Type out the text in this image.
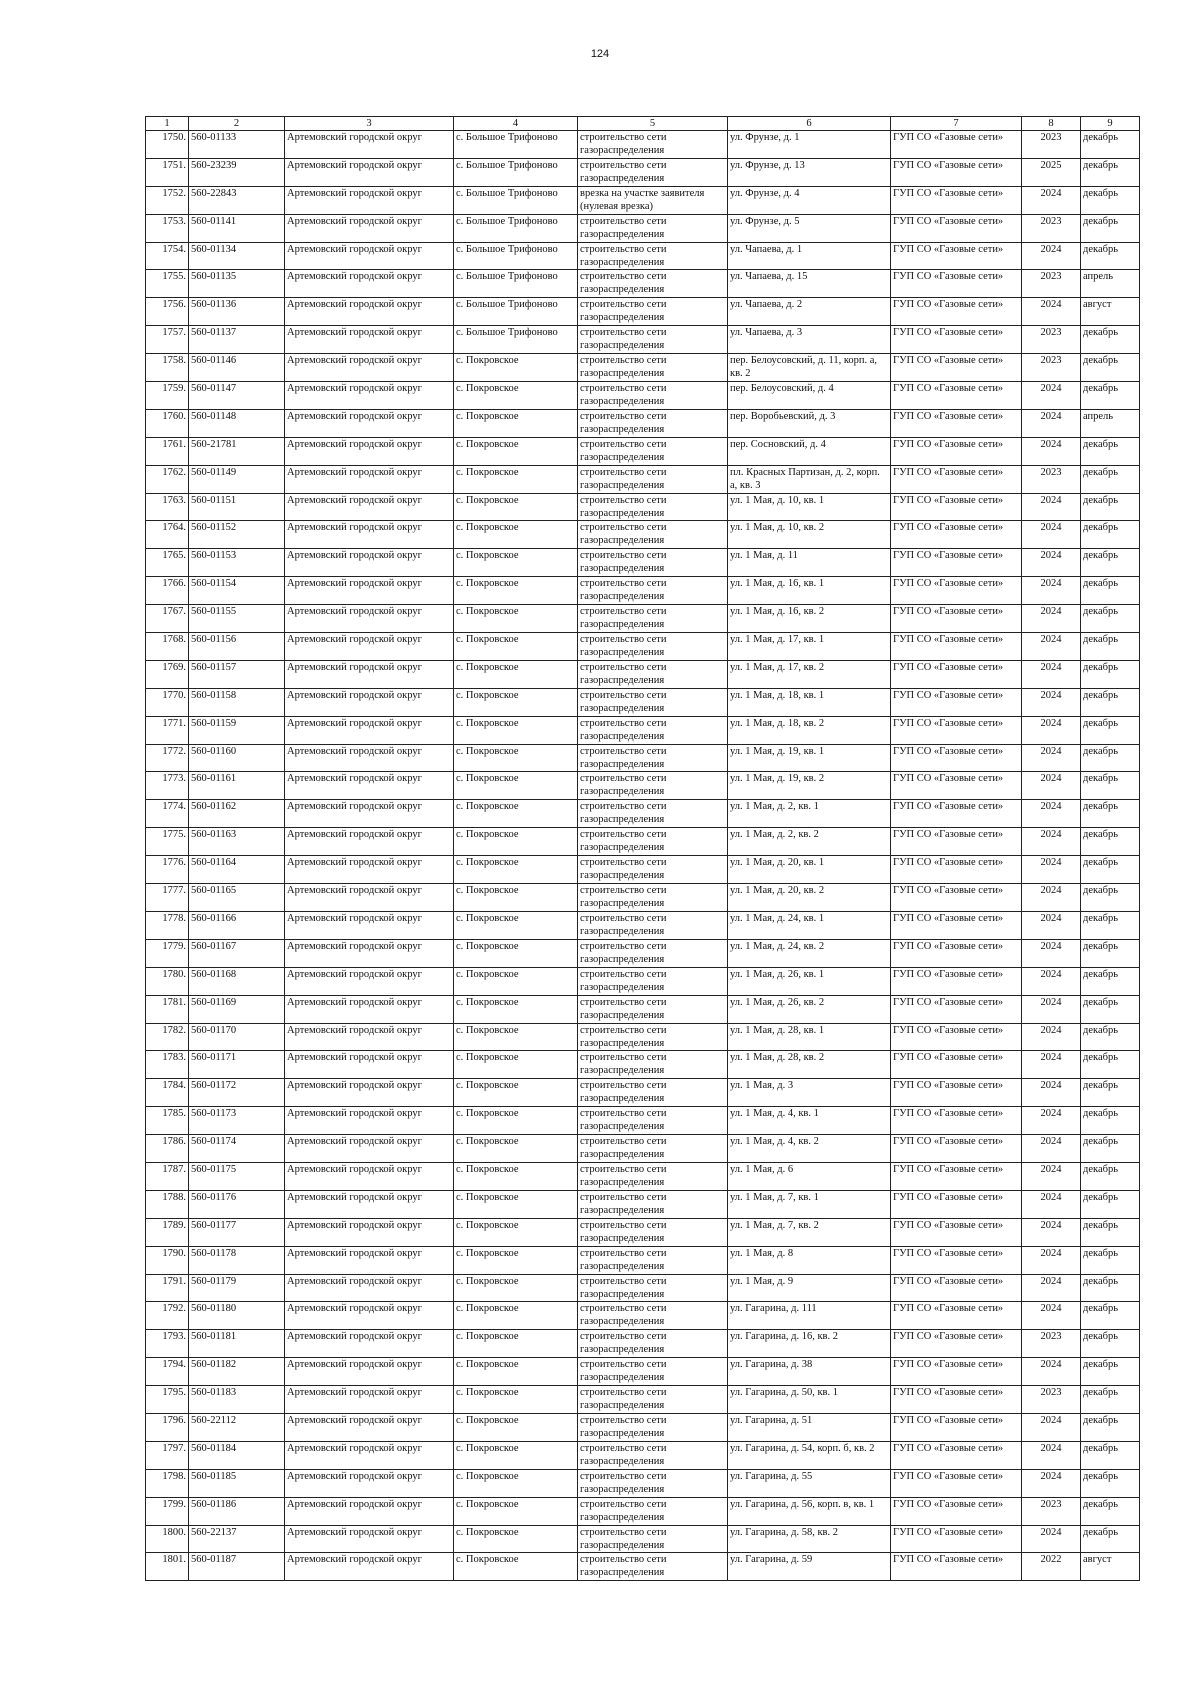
124
1	2	3	4	5	6	7	8	9
1750.	560-01133	Артемовский городской округ	с. Большое Трифоново	строительство сети газораспределения	ул. Фрунзе, д. 1	ГУП СО «Газовые сети»	2023	декабрь
1751.	560-23239	Артемовский городской округ	с. Большое Трифоново	строительство сети газораспределения	ул. Фрунзе, д. 13	ГУП СО «Газовые сети»	2025	декабрь
1752.	560-22843	Артемовский городской округ	с. Большое Трифоново	врезка на участке заявителя (нулевая врезка)	ул. Фрунзе, д. 4	ГУП СО «Газовые сети»	2024	декабрь
1753.	560-01141	Артемовский городской округ	с. Большое Трифоново	строительство сети газораспределения	ул. Фрунзе, д. 5	ГУП СО «Газовые сети»	2023	декабрь
1754.	560-01134	Артемовский городской округ	с. Большое Трифоново	строительство сети газораспределения	ул. Чапаева, д. 1	ГУП СО «Газовые сети»	2024	декабрь
1755.	560-01135	Артемовский городской округ	с. Большое Трифоново	строительство сети газораспределения	ул. Чапаева, д. 15	ГУП СО «Газовые сети»	2023	апрель
1756.	560-01136	Артемовский городской округ	с. Большое Трифоново	строительство сети газораспределения	ул. Чапаева, д. 2	ГУП СО «Газовые сети»	2024	август
1757.	560-01137	Артемовский городской округ	с. Большое Трифоново	строительство сети газораспределения	ул. Чапаева, д. 3	ГУП СО «Газовые сети»	2023	декабрь
1758.	560-01146	Артемовский городской округ	с. Покровское	строительство сети газораспределения	пер. Белоусовский, д. 11, корп. а, кв. 2	ГУП СО «Газовые сети»	2023	декабрь
1759.	560-01147	Артемовский городской округ	с. Покровское	строительство сети газораспределения	пер. Белоусовский, д. 4	ГУП СО «Газовые сети»	2024	декабрь
1760.	560-01148	Артемовский городской округ	с. Покровское	строительство сети газораспределения	пер. Воробьевский, д. 3	ГУП СО «Газовые сети»	2024	апрель
1761.	560-21781	Артемовский городской округ	с. Покровское	строительство сети газораспределения	пер. Сосновский, д. 4	ГУП СО «Газовые сети»	2024	декабрь
1762.	560-01149	Артемовский городской округ	с. Покровское	строительство сети газораспределения	пл. Красных Партизан, д. 2, корп. а, кв. 3	ГУП СО «Газовые сети»	2023	декабрь
1763.	560-01151	Артемовский городской округ	с. Покровское	строительство сети газораспределения	ул. 1 Мая, д. 10, кв. 1	ГУП СО «Газовые сети»	2024	декабрь
1764.	560-01152	Артемовский городской округ	с. Покровское	строительство сети газораспределения	ул. 1 Мая, д. 10, кв. 2	ГУП СО «Газовые сети»	2024	декабрь
1765.	560-01153	Артемовский городской округ	с. Покровское	строительство сети газораспределения	ул. 1 Мая, д. 11	ГУП СО «Газовые сети»	2024	декабрь
1766.	560-01154	Артемовский городской округ	с. Покровское	строительство сети газораспределения	ул. 1 Мая, д. 16, кв. 1	ГУП СО «Газовые сети»	2024	декабрь
1767.	560-01155	Артемовский городской округ	с. Покровское	строительство сети газораспределения	ул. 1 Мая, д. 16, кв. 2	ГУП СО «Газовые сети»	2024	декабрь
1768.	560-01156	Артемовский городской округ	с. Покровское	строительство сети газораспределения	ул. 1 Мая, д. 17, кв. 1	ГУП СО «Газовые сети»	2024	декабрь
1769.	560-01157	Артемовский городской округ	с. Покровское	строительство сети газораспределения	ул. 1 Мая, д. 17, кв. 2	ГУП СО «Газовые сети»	2024	декабрь
1770.	560-01158	Артемовский городской округ	с. Покровское	строительство сети газораспределения	ул. 1 Мая, д. 18, кв. 1	ГУП СО «Газовые сети»	2024	декабрь
1771.	560-01159	Артемовский городской округ	с. Покровское	строительство сети газораспределения	ул. 1 Мая, д. 18, кв. 2	ГУП СО «Газовые сети»	2024	декабрь
1772.	560-01160	Артемовский городской округ	с. Покровское	строительство сети газораспределения	ул. 1 Мая, д. 19, кв. 1	ГУП СО «Газовые сети»	2024	декабрь
1773.	560-01161	Артемовский городской округ	с. Покровское	строительство сети газораспределения	ул. 1 Мая, д. 19, кв. 2	ГУП СО «Газовые сети»	2024	декабрь
1774.	560-01162	Артемовский городской округ	с. Покровское	строительство сети газораспределения	ул. 1 Мая, д. 2, кв. 1	ГУП СО «Газовые сети»	2024	декабрь
1775.	560-01163	Артемовский городской округ	с. Покровское	строительство сети газораспределения	ул. 1 Мая, д. 2, кв. 2	ГУП СО «Газовые сети»	2024	декабрь
1776.	560-01164	Артемовский городской округ	с. Покровское	строительство сети газораспределения	ул. 1 Мая, д. 20, кв. 1	ГУП СО «Газовые сети»	2024	декабрь
1777.	560-01165	Артемовский городской округ	с. Покровское	строительство сети газораспределения	ул. 1 Мая, д. 20, кв. 2	ГУП СО «Газовые сети»	2024	декабрь
1778.	560-01166	Артемовский городской округ	с. Покровское	строительство сети газораспределения	ул. 1 Мая, д. 24, кв. 1	ГУП СО «Газовые сети»	2024	декабрь
1779.	560-01167	Артемовский городской округ	с. Покровское	строительство сети газораспределения	ул. 1 Мая, д. 24, кв. 2	ГУП СО «Газовые сети»	2024	декабрь
1780.	560-01168	Артемовский городской округ	с. Покровское	строительство сети газораспределения	ул. 1 Мая, д. 26, кв. 1	ГУП СО «Газовые сети»	2024	декабрь
1781.	560-01169	Артемовский городской округ	с. Покровское	строительство сети газораспределения	ул. 1 Мая, д. 26, кв. 2	ГУП СО «Газовые сети»	2024	декабрь
1782.	560-01170	Артемовский городской округ	с. Покровское	строительство сети газораспределения	ул. 1 Мая, д. 28, кв. 1	ГУП СО «Газовые сети»	2024	декабрь
1783.	560-01171	Артемовский городской округ	с. Покровское	строительство сети газораспределения	ул. 1 Мая, д. 28, кв. 2	ГУП СО «Газовые сети»	2024	декабрь
1784.	560-01172	Артемовский городской округ	с. Покровское	строительство сети газораспределения	ул. 1 Мая, д. 3	ГУП СО «Газовые сети»	2024	декабрь
1785.	560-01173	Артемовский городской округ	с. Покровское	строительство сети газораспределения	ул. 1 Мая, д. 4, кв. 1	ГУП СО «Газовые сети»	2024	декабрь
1786.	560-01174	Артемовский городской округ	с. Покровское	строительство сети газораспределения	ул. 1 Мая, д. 4, кв. 2	ГУП СО «Газовые сети»	2024	декабрь
1787.	560-01175	Артемовский городской округ	с. Покровское	строительство сети газораспределения	ул. 1 Мая, д. 6	ГУП СО «Газовые сети»	2024	декабрь
1788.	560-01176	Артемовский городской округ	с. Покровское	строительство сети газораспределения	ул. 1 Мая, д. 7, кв. 1	ГУП СО «Газовые сети»	2024	декабрь
1789.	560-01177	Артемовский городской округ	с. Покровское	строительство сети газораспределения	ул. 1 Мая, д. 7, кв. 2	ГУП СО «Газовые сети»	2024	декабрь
1790.	560-01178	Артемовский городской округ	с. Покровское	строительство сети газораспределения	ул. 1 Мая, д. 8	ГУП СО «Газовые сети»	2024	декабрь
1791.	560-01179	Артемовский городской округ	с. Покровское	строительство сети газораспределения	ул. 1 Мая, д. 9	ГУП СО «Газовые сети»	2024	декабрь
1792.	560-01180	Артемовский городской округ	с. Покровское	строительство сети газораспределения	ул. Гагарина, д. 111	ГУП СО «Газовые сети»	2024	декабрь
1793.	560-01181	Артемовский городской округ	с. Покровское	строительство сети газораспределения	ул. Гагарина, д. 16, кв. 2	ГУП СО «Газовые сети»	2023	декабрь
1794.	560-01182	Артемовский городской округ	с. Покровское	строительство сети газораспределения	ул. Гагарина, д. 38	ГУП СО «Газовые сети»	2024	декабрь
1795.	560-01183	Артемовский городской округ	с. Покровское	строительство сети газораспределения	ул. Гагарина, д. 50, кв. 1	ГУП СО «Газовые сети»	2023	декабрь
1796.	560-22112	Артемовский городской округ	с. Покровское	строительство сети газораспределения	ул. Гагарина, д. 51	ГУП СО «Газовые сети»	2024	декабрь
1797.	560-01184	Артемовский городской округ	с. Покровское	строительство сети газораспределения	ул. Гагарина, д. 54, корп. б, кв. 2	ГУП СО «Газовые сети»	2024	декабрь
1798.	560-01185	Артемовский городской округ	с. Покровское	строительство сети газораспределения	ул. Гагарина, д. 55	ГУП СО «Газовые сети»	2024	декабрь
1799.	560-01186	Артемовский городской округ	с. Покровское	строительство сети газораспределения	ул. Гагарина, д. 56, корп. в, кв. 1	ГУП СО «Газовые сети»	2023	декабрь
1800.	560-22137	Артемовский городской округ	с. Покровское	строительство сети газораспределения	ул. Гагарина, д. 58, кв. 2	ГУП СО «Газовые сети»	2024	декабрь
1801.	560-01187	Артемовский городской округ	с. Покровское	строительство сети газораспределения	ул. Гагарина, д. 59	ГУП СО «Газовые сети»	2022	август
